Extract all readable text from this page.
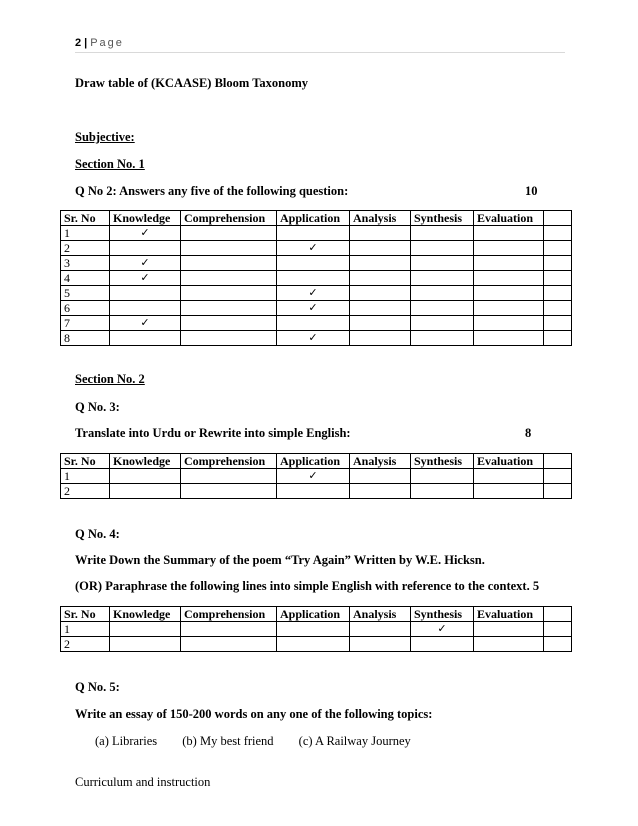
2 | Page
Draw table of (KCAASE) Bloom Taxonomy
Subjective:
Section No. 1
Q No 2: Answers any five of the following question:	10
Sr. No	Knowledge	Comprehension	Application	Analysis	Synthesis	Evaluation	
1	✓						
2			✓				
3	✓						
4	✓						
5			✓				
6			✓				
7	✓						
8			✓				
Section No. 2
Q No. 3:
Translate into Urdu or Rewrite into simple English:	8
Sr. No	Knowledge	Comprehension	Application	Analysis	Synthesis	Evaluation	
1			✓				
2							
Q No. 4:
Write Down the Summary of the poem “Try Again” Written by W.E. Hicksn.
(OR) Paraphrase the following lines into simple English with reference to the context. 5
Sr. No	Knowledge	Comprehension	Application	Analysis	Synthesis	Evaluation	
1					✓		
2							
Q No. 5:
Write an essay of 150-200 words on any one of the following topics:
(a) Libraries (b) My best friend (c) A Railway Journey
Curriculum and instruction
